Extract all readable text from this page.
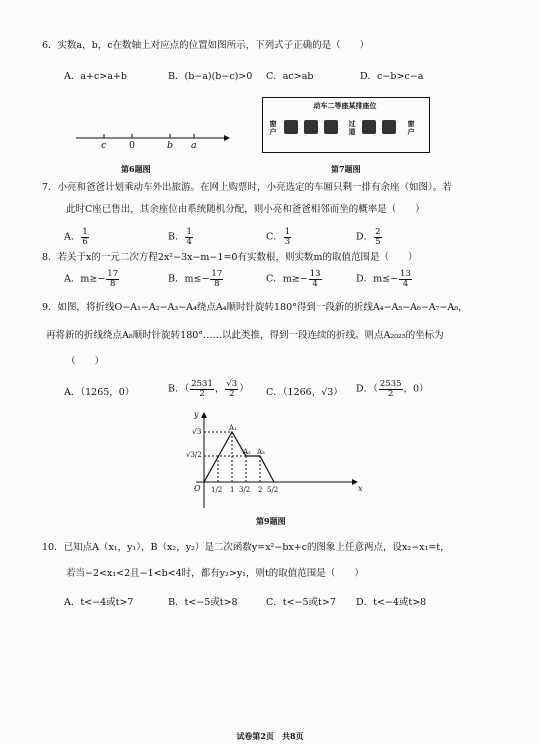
6．实数a，b，c在数轴上对应点的位置如图所示，下列式子正确的是（　　）
A．a+c>a+b	B．(b−a)(b−c)>0 C．ac>ab	D．c−b>c−a
c 0	b a
第6题图
动车二等座某排座位
窗户
过道
窗户
第7题图
7．小亮和爸爸计划乘动车外出旅游。在网上购票时，小亮选定的车厢只剩一排有余座（如图）。若
此时C座已售出，其余座位由系统随机分配，则小亮和爸爸相邻而坐的概率是（　　）
A． $\frac{1}{6}$	B． $\frac{1}{4}$	C． $\frac{1}{3}$	D． $\frac{2}{5}$
8．若关于x的一元二次方程2x²−3x−m−1=0有实数根，则实数m的取值范围是（　　）
A．$m\ge- \frac{17}{8}$	B．$m\le- \frac{17}{8}$	C．$m\ge- \frac{13}{4}$	D．$m\le- \frac{13}{4}$
9．如图，将折线O−A₁−A₂−A₃−A₄绕点A₄顺时针旋转180°得到一段新的折线A₄−A₅−A₆−A₇−A₈，
再将新的折线绕点A₈顺时针旋转180°……以此类推，得到一段连续的折线。则点A₂₀₂₅的坐标为
（　　）
A．（1265，0）	B．（ $\frac{2531}{2}$ ， $\frac{√3}{2}$ ） C．（1266，√3） D．（ $\frac{2535}{2}$ ，0）
y
x
O
√3
√3/2
A₁
A₂ A₃
1/2 1 3/2 2 5/2
第9题图
10．已知点A（x₁，y₁），B（x₂，y₂）是二次函数y=x²−bx+c的图象上任意两点，设x₂−x₁=t，
若当−2<x₁<2且−1<b<4时，都有y₂>y₁，则t的取值范围是（　　）
A．t<−4或t>7	B．t<−5或t>8	C．t<−5或t>7 D．t<−4或t>8
试卷第2页　共8页
